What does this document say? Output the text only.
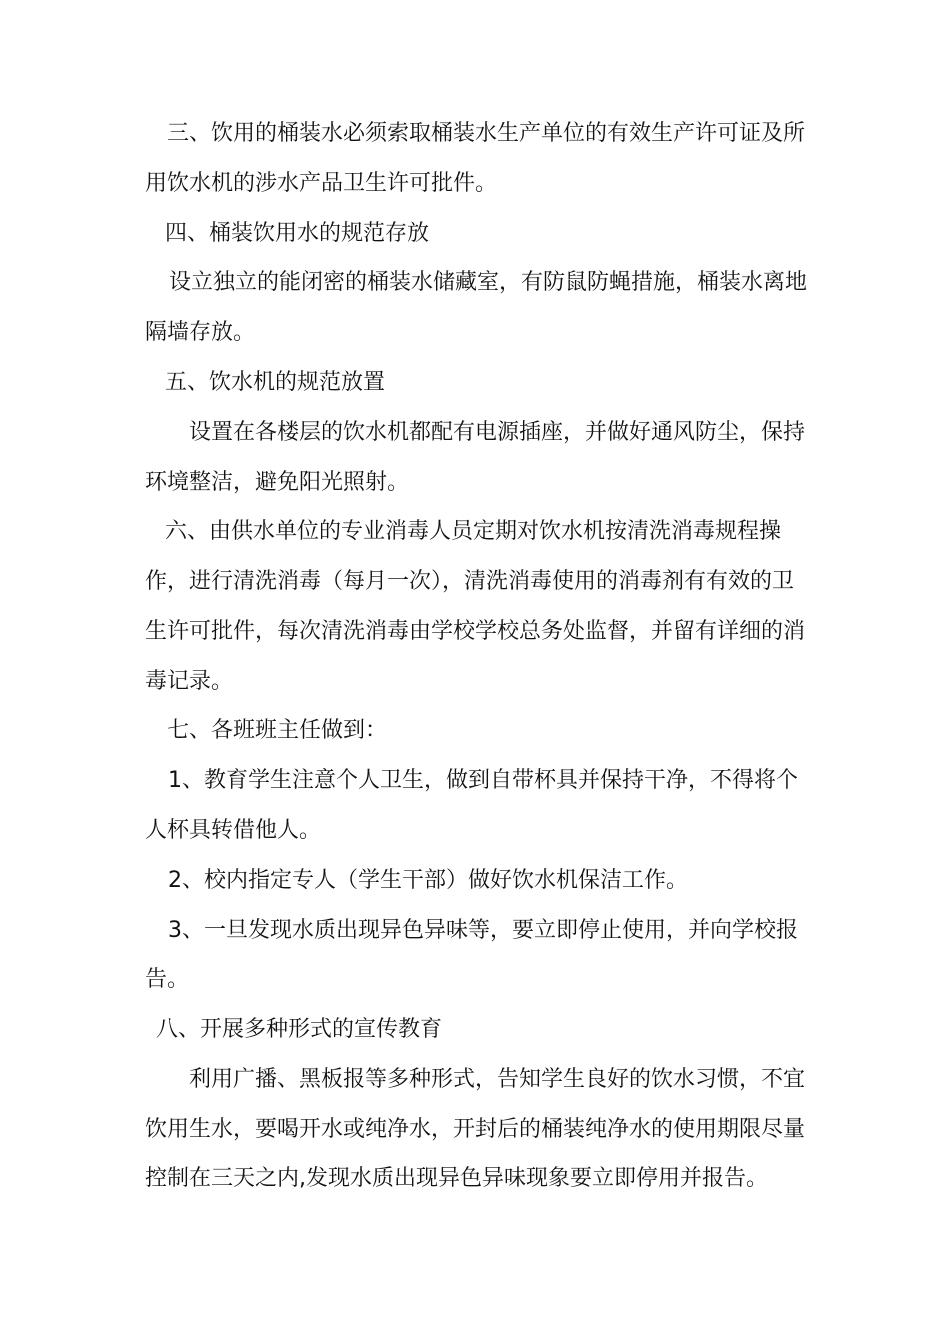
三、饮用的桶装水必须索取桶装水生产单位的有效生产许可证及所
用饮水机的涉水产品卫生许可批件。
四、桶装饮用水的规范存放
设立独立的能闭密的桶装水储藏室，有防鼠防蝇措施，桶装水离地
隔墙存放。
五、饮水机的规范放置
设置在各楼层的饮水机都配有电源插座，并做好通风防尘，保持
环境整洁，避免阳光照射。
六、由供水单位的专业消毒人员定期对饮水机按清洗消毒规程操
作，进行清洗消毒（每月一次），清洗消毒使用的消毒剂有有效的卫
生许可批件，每次清洗消毒由学校学校总务处监督，并留有详细的消
毒记录。
七、各班班主任做到：
1、教育学生注意个人卫生，做到自带杯具并保持干净，不得将个
人杯具转借他人。
2、校内指定专人（学生干部）做好饮水机保洁工作。
3、一旦发现水质出现异色异味等，要立即停止使用，并向学校报
告。
八、开展多种形式的宣传教育
利用广播、黑板报等多种形式，告知学生良好的饮水习惯，不宜
饮用生水，要喝开水或纯净水，开封后的桶装纯净水的使用期限尽量
控制在三天之内,发现水质出现异色异味现象要立即停用并报告。
